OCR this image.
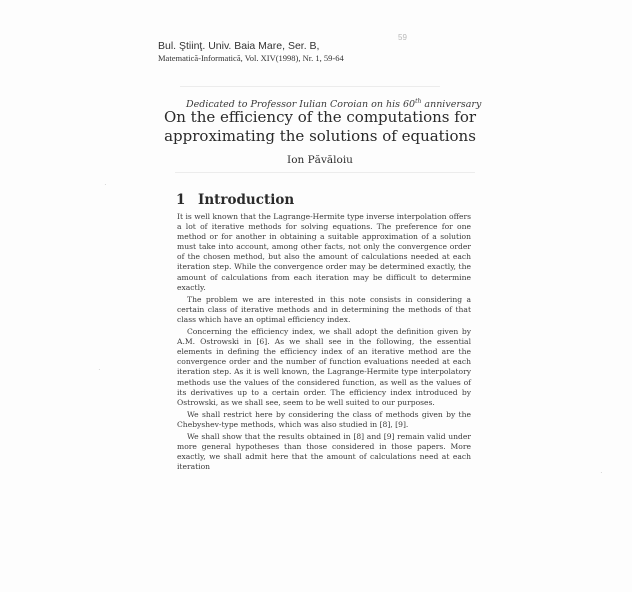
59
Bul. Ştiinţ. Univ. Baia Mare, Ser. B,
Matematică-Informatică, Vol. XIV(1998), Nr. 1, 59-64
Dedicated to Professor Iulian Coroian on his 60th anniversary
On the efficiency of the computations for
approximating the solutions of equations
Ion Păvăloiu
1 Introduction

It is well known that the Lagrange-Hermite type inverse interpolation offers a lot of iterative methods for solving equations. The preference for one method or for another in obtaining a suitable approximation of a solution must take into account, among other facts, not only the convergence order of the chosen method, but also the amount of calculations needed at each iteration step. While the convergence order may be determined exactly, the amount of calculations from each iteration may be difficult to determine exactly.

The problem we are interested in this note consists in considering a certain class of iterative methods and in determining the methods of that class which have an optimal efficiency index.

Concerning the efficiency index, we shall adopt the definition given by A.M. Ostrowski in [6]. As we shall see in the following, the essential elements in defining the efficiency index of an iterative method are the convergence order and the number of function evaluations needed at each iteration step. As it is well known, the Lagrange-Hermite type interpolatory methods use the values of the considered function, as well as the values of its derivatives up to a certain order. The efficiency index introduced by Ostrowski, as we shall see, seem to be well suited to our purposes.

We shall restrict here by considering the class of methods given by the Chebyshev-type methods, which was also studied in [8], [9].

We shall show that the results obtained in [8] and [9] remain valid under more general hypotheses than those considered in those papers. More exactly, we shall admit here that the amount of calculations need at each iteration

·
·
·
